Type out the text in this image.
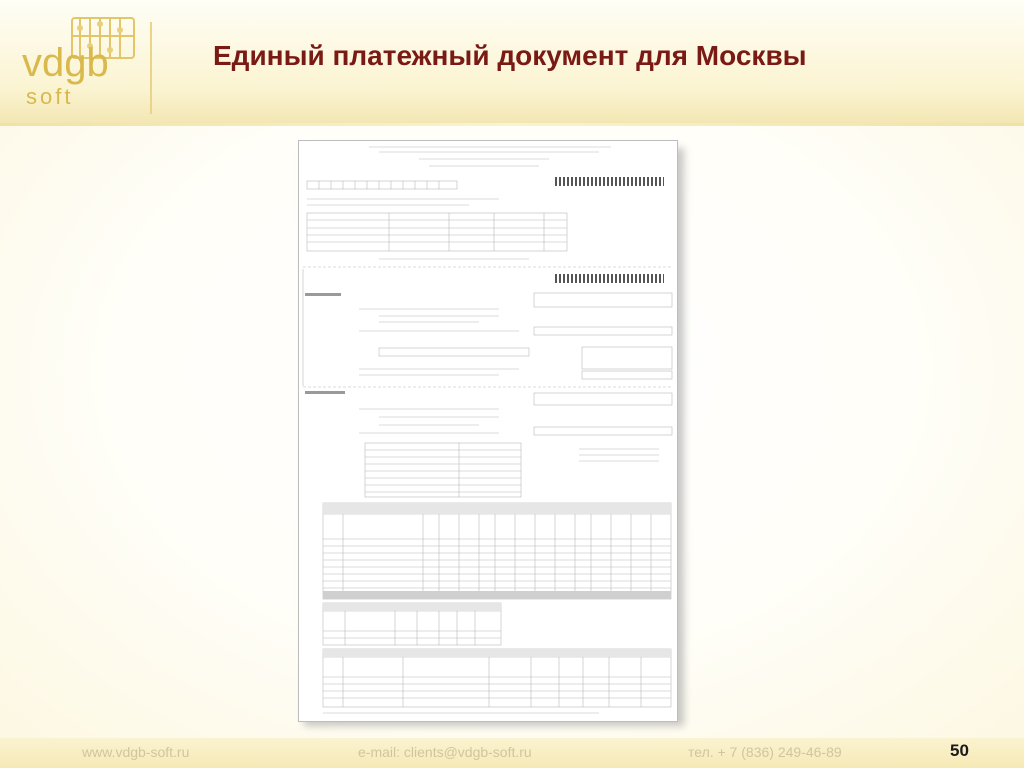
vdgb
soft
Единый платежный документ для Москвы
www.vdgb-soft.ru	e-mail: clients@vdgb-soft.ru	тел. + 7 (836) 249-46-89	50
